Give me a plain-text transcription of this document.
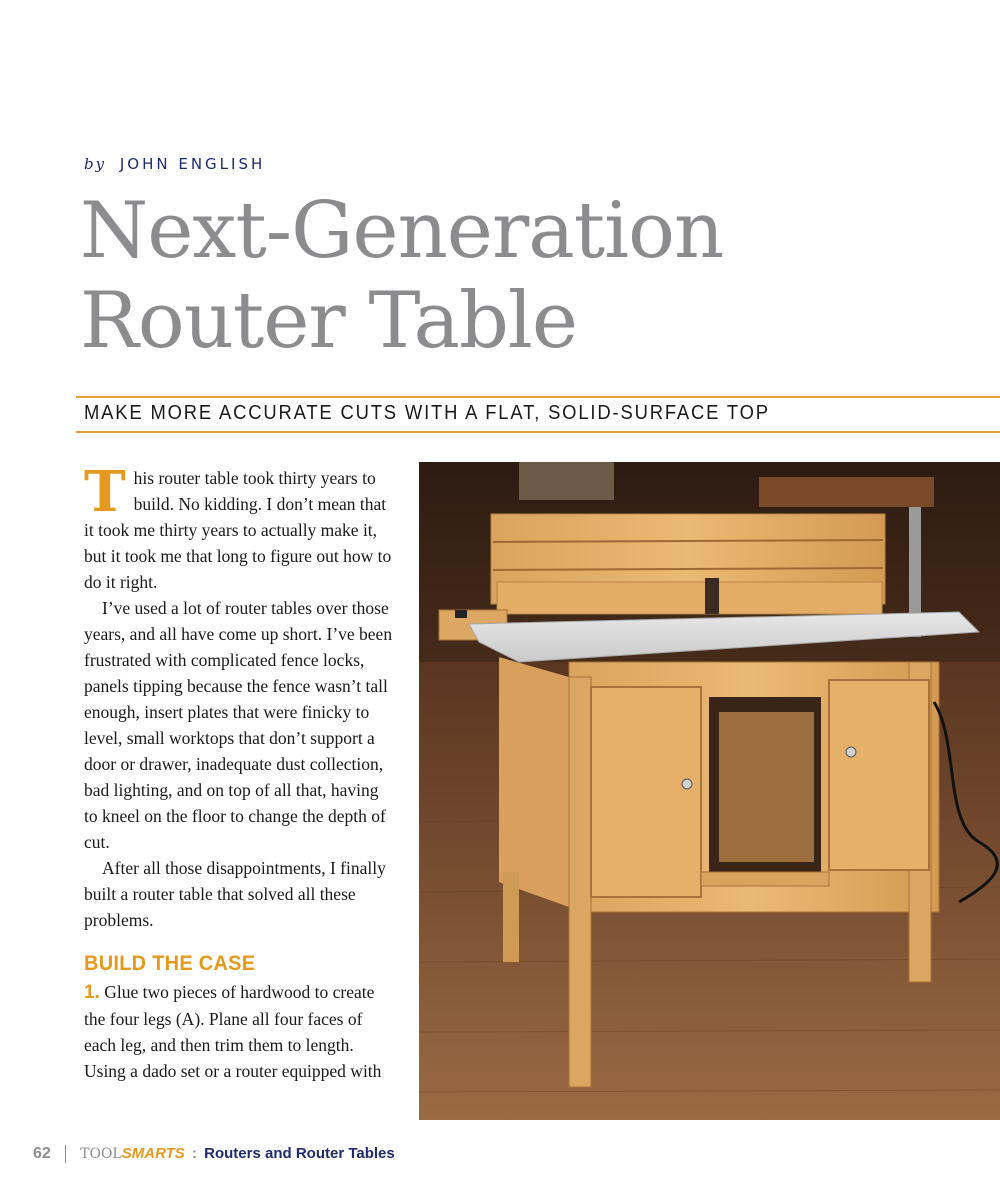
by JOHN ENGLISH
Next-Generation
Router Table
MAKE MORE ACCURATE CUTS WITH A FLAT, SOLID-SURFACE TOP

This router table took thirty years to build. No kidding. I don’t mean that it took me thirty years to actually make it, but it took me that long to figure out how to do it right.

I’ve used a lot of router tables over those years, and all have come up short. I’ve been frustrated with complicated fence locks, panels tipping because the fence wasn’t tall enough, insert plates that were finicky to level, small worktops that don’t support a door or drawer, inadequate dust collection, bad lighting, and on top of all that, having to kneel on the floor to change the depth of cut.

After all those disappointments, I finally built a router table that solved all these problems.

BUILD THE CASE

1. Glue two pieces of hardwood to create the four legs (A). Plane all four faces of each leg, and then trim them to length. Using a dado set or a router equipped with

62 TOOLSMARTS : Routers and Router Tables
